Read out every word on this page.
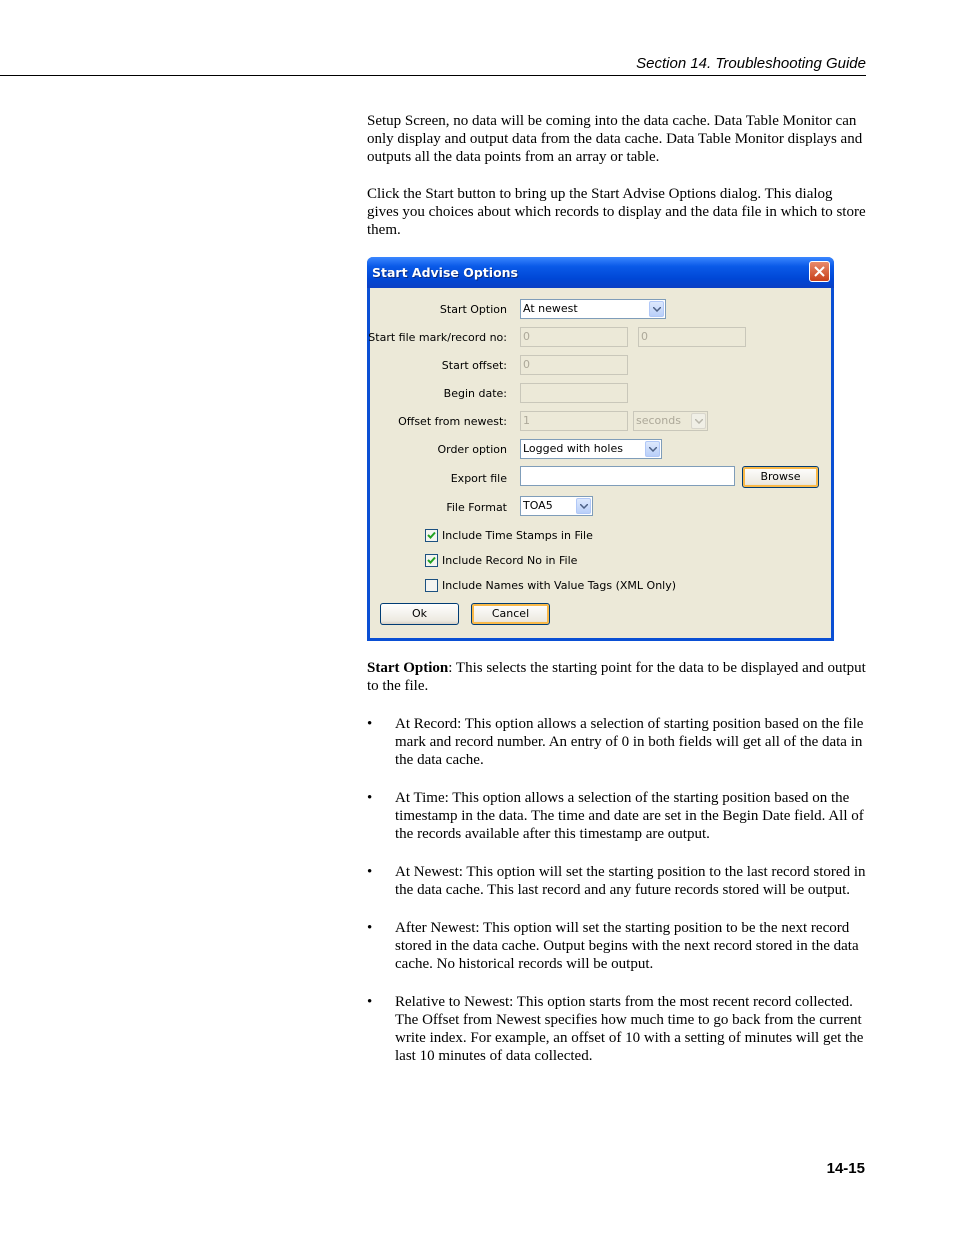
Section 14. Troubleshooting Guide

Setup Screen, no data will be coming into the data cache. Data Table Monitor can only display and output data from the data cache. Data Table Monitor displays and outputs all the data points from an array or table.

Click the Start button to bring up the Start Advise Options dialog. This dialog gives you choices about which records to display and the data file in which to store them.

Start Advise Options
Start Option At newest
Start file mark/record no: 0	0
Start offset: 0
Begin date:
Offset from newest: 1	seconds
Order option Logged with holes
Export file	Browse
File Format TOA5
Include Time Stamps in File
Include Record No in File
Include Names with Value Tags (XML Only)
Ok	Cancel

Start Option: This selects the starting point for the data to be displayed and output to the file.

• At Record: This option allows a selection of starting position based on the file mark and record number. An entry of 0 in both fields will get all of the data in the data cache.
• At Time: This option allows a selection of the starting position based on the timestamp in the data. The time and date are set in the Begin Date field. All of the records available after this timestamp are output.
• At Newest: This option will set the starting position to the last record stored in the data cache. This last record and any future records stored will be output.
• After Newest: This option will set the starting position to be the next record stored in the data cache. Output begins with the next record stored in the data cache. No historical records will be output.
• Relative to Newest: This option starts from the most recent record collected. The Offset from Newest specifies how much time to go back from the current write index. For example, an offset of 10 with a setting of minutes will get the last 10 minutes of data collected.
14-15
